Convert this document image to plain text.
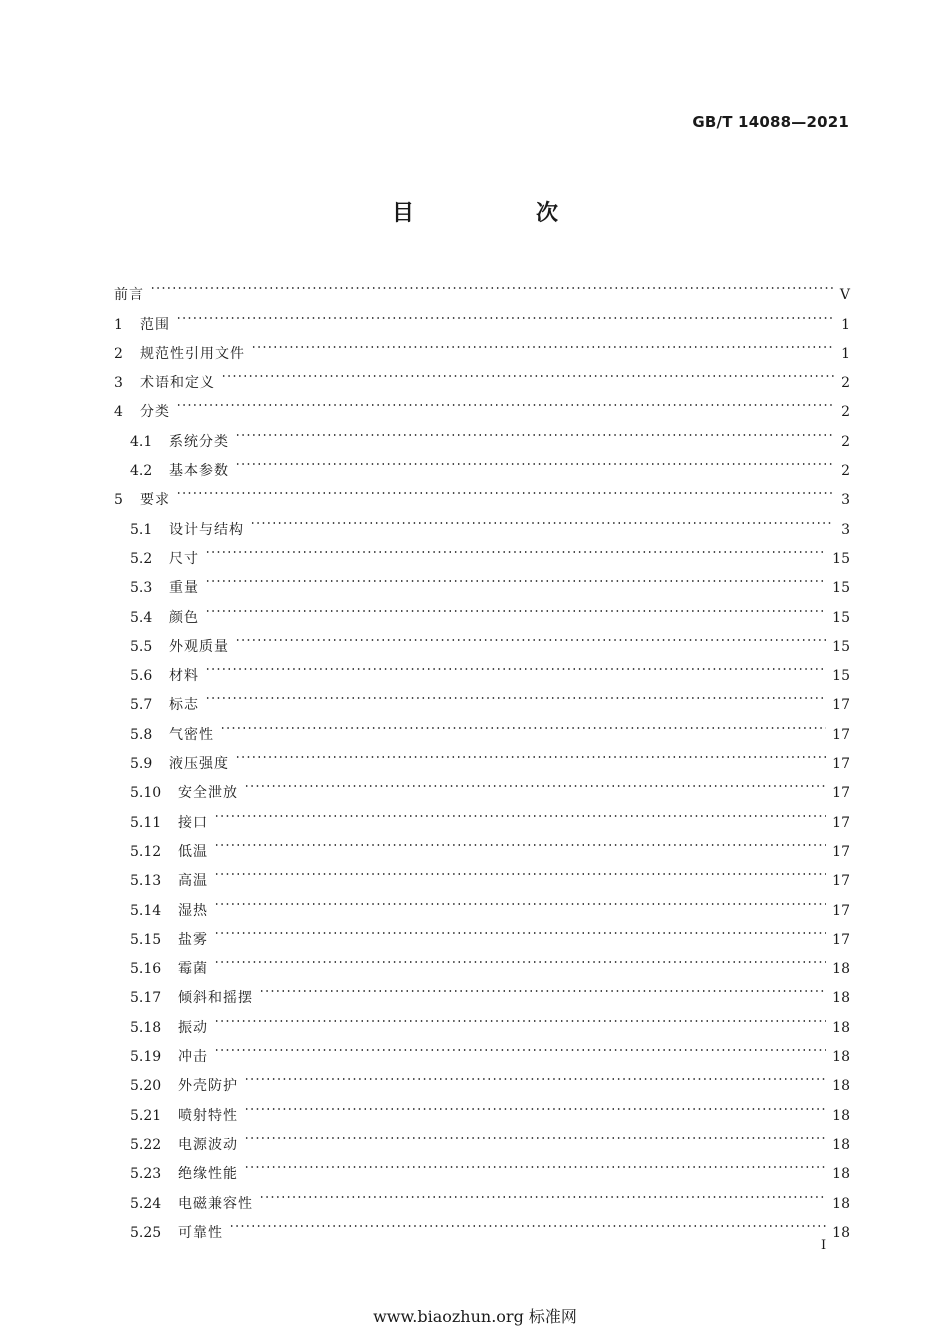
GB/T 14088—2021
目　次
前言	V
1	范围	1
2	规范性引用文件	1
3	术语和定义	2
4	分类	2
4.1	系统分类	2
4.2	基本参数	2
5	要求	3
5.1	设计与结构	3
5.2	尺寸	15
5.3	重量	15
5.4	颜色	15
5.5	外观质量	15
5.6	材料	15
5.7	标志	17
5.8	气密性	17
5.9	液压强度	17
5.10	安全泄放	17
5.11	接口	17
5.12	低温	17
5.13	高温	17
5.14	湿热	17
5.15	盐雾	17
5.16	霉菌	18
5.17	倾斜和摇摆	18
5.18	振动	18
5.19	冲击	18
5.20	外壳防护	18
5.21	喷射特性	18
5.22	电源波动	18
5.23	绝缘性能	18
5.24	电磁兼容性	18
5.25	可靠性	18
I
www.biaozhun.org 标准网
